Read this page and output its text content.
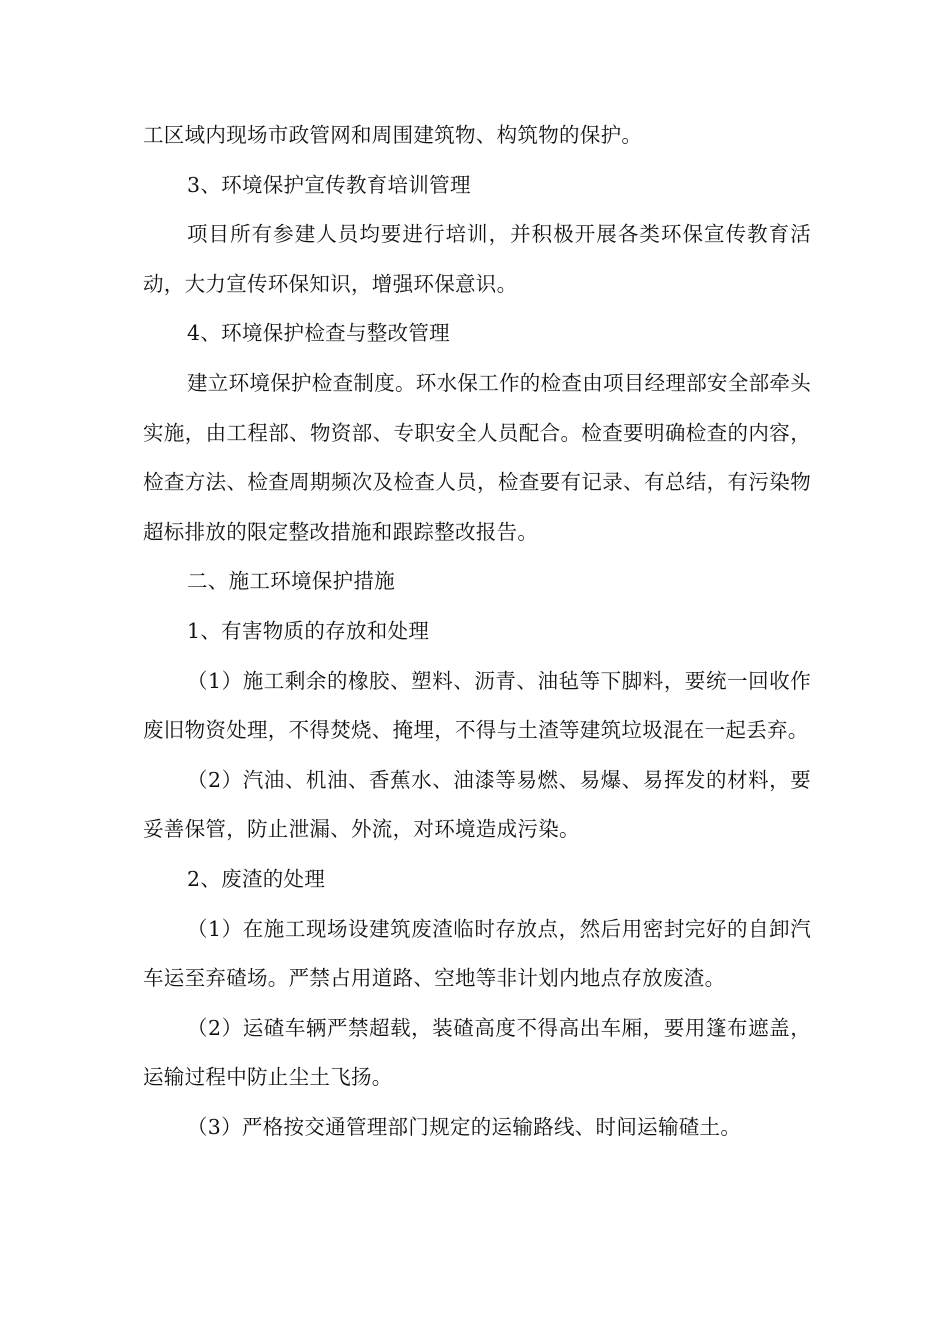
工区域内现场市政管网和周围建筑物、构筑物的保护。

3、环境保护宣传教育培训管理

项目所有参建人员均要进行培训，并积极开展各类环保宣传教育活动，大力宣传环保知识，增强环保意识。

4、环境保护检查与整改管理

建立环境保护检查制度。环水保工作的检查由项目经理部安全部牵头实施，由工程部、物资部、专职安全人员配合。检查要明确检查的内容，检查方法、检查周期频次及检查人员，检查要有记录、有总结，有污染物超标排放的限定整改措施和跟踪整改报告。

二、施工环境保护措施

1、有害物质的存放和处理

（1）施工剩余的橡胶、塑料、沥青、油毡等下脚料，要统一回收作废旧物资处理，不得焚烧、掩埋，不得与土渣等建筑垃圾混在一起丢弃。

（2）汽油、机油、香蕉水、油漆等易燃、易爆、易挥发的材料，要妥善保管，防止泄漏、外流，对环境造成污染。

2、废渣的处理

（1）在施工现场设建筑废渣临时存放点，然后用密封完好的自卸汽车运至弃碴场。严禁占用道路、空地等非计划内地点存放废渣。

（2）运碴车辆严禁超载，装碴高度不得高出车厢，要用篷布遮盖，运输过程中防止尘土飞扬。

（3）严格按交通管理部门规定的运输路线、时间运输碴土。
